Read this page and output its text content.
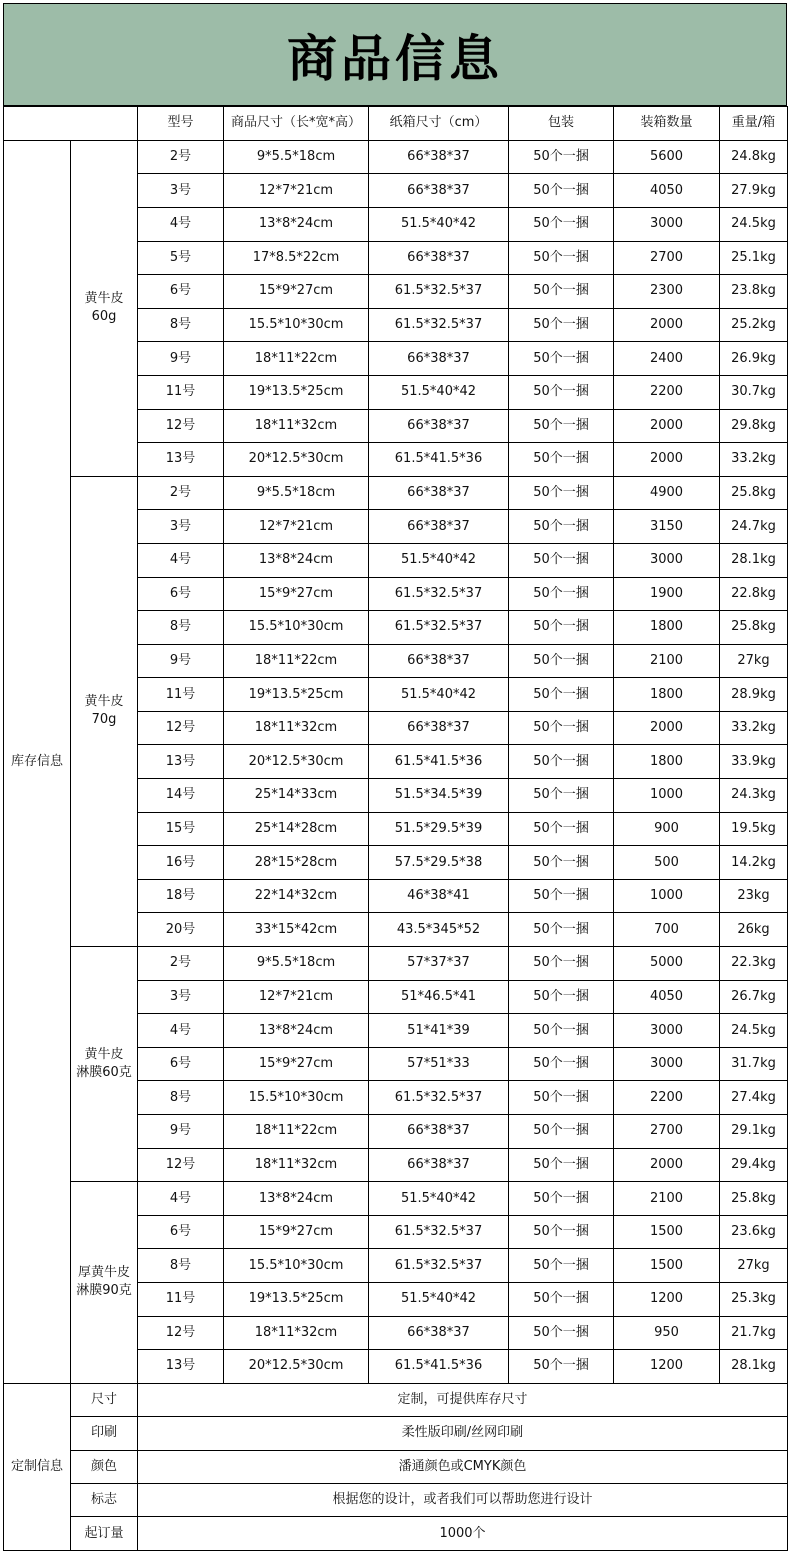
商品信息
		型号	商品尺寸（长*宽*高）	纸箱尺寸（cm）	包装	装箱数量	重量/箱
库存信息	黄牛皮
60g	2号	9*5.5*18cm	66*38*37	50个一捆	5600	24.8kg
		3号	12*7*21cm	66*38*37	50个一捆	4050	27.9kg
		4号	13*8*24cm	51.5*40*42	50个一捆	3000	24.5kg
		5号	17*8.5*22cm	66*38*37	50个一捆	2700	25.1kg
		6号	15*9*27cm	61.5*32.5*37	50个一捆	2300	23.8kg
		8号	15.5*10*30cm	61.5*32.5*37	50个一捆	2000	25.2kg
		9号	18*11*22cm	66*38*37	50个一捆	2400	26.9kg
		11号	19*13.5*25cm	51.5*40*42	50个一捆	2200	30.7kg
		12号	18*11*32cm	66*38*37	50个一捆	2000	29.8kg
		13号	20*12.5*30cm	61.5*41.5*36	50个一捆	2000	33.2kg
	黄牛皮
70g	2号	9*5.5*18cm	66*38*37	50个一捆	4900	25.8kg
		3号	12*7*21cm	66*38*37	50个一捆	3150	24.7kg
		4号	13*8*24cm	51.5*40*42	50个一捆	3000	28.1kg
		6号	15*9*27cm	61.5*32.5*37	50个一捆	1900	22.8kg
		8号	15.5*10*30cm	61.5*32.5*37	50个一捆	1800	25.8kg
		9号	18*11*22cm	66*38*37	50个一捆	2100	27kg
		11号	19*13.5*25cm	51.5*40*42	50个一捆	1800	28.9kg
		12号	18*11*32cm	66*38*37	50个一捆	2000	33.2kg
		13号	20*12.5*30cm	61.5*41.5*36	50个一捆	1800	33.9kg
		14号	25*14*33cm	51.5*34.5*39	50个一捆	1000	24.3kg
		15号	25*14*28cm	51.5*29.5*39	50个一捆	900	19.5kg
		16号	28*15*28cm	57.5*29.5*38	50个一捆	500	14.2kg
		18号	22*14*32cm	46*38*41	50个一捆	1000	23kg
		20号	33*15*42cm	43.5*345*52	50个一捆	700	26kg
	黄牛皮
淋膜60克	2号	9*5.5*18cm	57*37*37	50个一捆	5000	22.3kg
		3号	12*7*21cm	51*46.5*41	50个一捆	4050	26.7kg
		4号	13*8*24cm	51*41*39	50个一捆	3000	24.5kg
		6号	15*9*27cm	57*51*33	50个一捆	3000	31.7kg
		8号	15.5*10*30cm	61.5*32.5*37	50个一捆	2200	27.4kg
		9号	18*11*22cm	66*38*37	50个一捆	2700	29.1kg
		12号	18*11*32cm	66*38*37	50个一捆	2000	29.4kg
	厚黄牛皮
淋膜90克	4号	13*8*24cm	51.5*40*42	50个一捆	2100	25.8kg
		6号	15*9*27cm	61.5*32.5*37	50个一捆	1500	23.6kg
		8号	15.5*10*30cm	61.5*32.5*37	50个一捆	1500	27kg
		11号	19*13.5*25cm	51.5*40*42	50个一捆	1200	25.3kg
		12号	18*11*32cm	66*38*37	50个一捆	950	21.7kg
		13号	20*12.5*30cm	61.5*41.5*36	50个一捆	1200	28.1kg
定制信息	尺寸	定制，可提供库存尺寸					
	印刷	柔性版印刷/丝网印刷					
	颜色	潘通颜色或CMYK颜色					
	标志	根据您的设计，或者我们可以帮助您进行设计					
	起订量	1000个					
